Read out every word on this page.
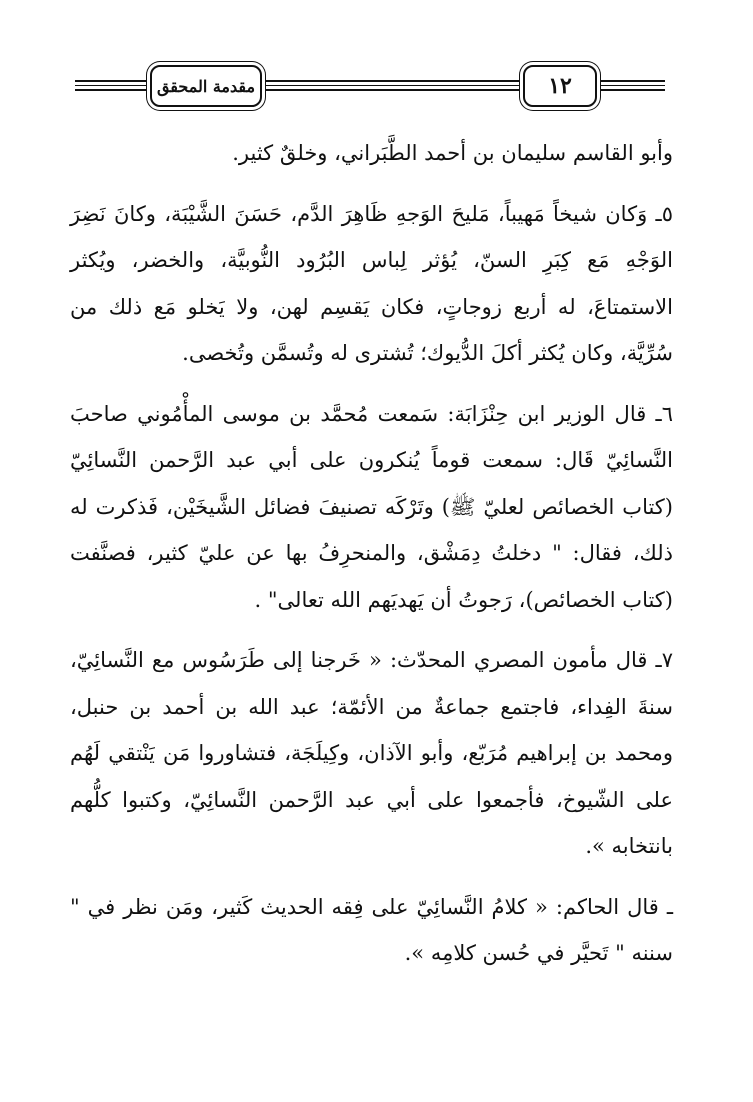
مقدمة المحقق	١٢

وأبو القاسم سليمان بن أحمد الطَّبَراني، وخلقٌ كثير.

٥ـ وَكان شيخاً مَهيباً، مَليحَ الوَجهِ ظَاهِرَ الدَّم، حَسَنَ الشَّيْبَة، وكانَ نَضِرَ الوَجْهِ مَع كِبَرِ السنّ، يُؤثر لِباس البُرُود النُّوبيَّة، والخضر، ويُكثر الاستمتاعَ، له أربع زوجاتٍ، فكان يَقسِم لهن، ولا يَخلو مَع ذلك من سُرِّيَّة، وكان يُكثر أكلَ الدُّيوك؛ تُشترى له وتُسمَّن وتُخصى.

٦ـ قال الوزير ابن حِنْزَابَة: سَمعت مُحمَّد بن موسى المأْمُوني صاحبَ النَّسائِيّ قَال: سمعت قوماً يُنكرون على أبي عبد الرَّحمن النَّسائِيّ (كتاب الخصائص لعليّ ﷺ) وتَرْكَه تصنيفَ فضائل الشَّيخَيْن، فَذكرت له ذلك، فقال: " دخلتُ دِمَشْق، والمنحرِفُ بها عن عليّ كثير، فصنَّفت (كتاب الخصائص)، رَجوتُ أن يَهديَهم الله تعالى" .

٧ـ قال مأمون المصري المحدّث: « خَرجنا إلى طَرَسُوس مع النَّسائِيّ، سنةَ الفِداء، فاجتمع جماعةٌ من الأئمّة؛ عبد الله بن أحمد بن حنبل، ومحمد بن إبراهيم مُرَبّع، وأبو الآذان، وكِيلَجَة، فتشاوروا مَن يَنْتقي لَهُم على الشّيوخ، فأجمعوا على أبي عبد الرَّحمن النَّسائِيّ، وكتبوا كلُّهم بانتخابه ».

ـ قال الحاكم: « كلامُ النَّسائِيّ على فِقه الحديث كَثير، ومَن نظر في " سننه " تَحيَّر في حُسن كلامِه ».
